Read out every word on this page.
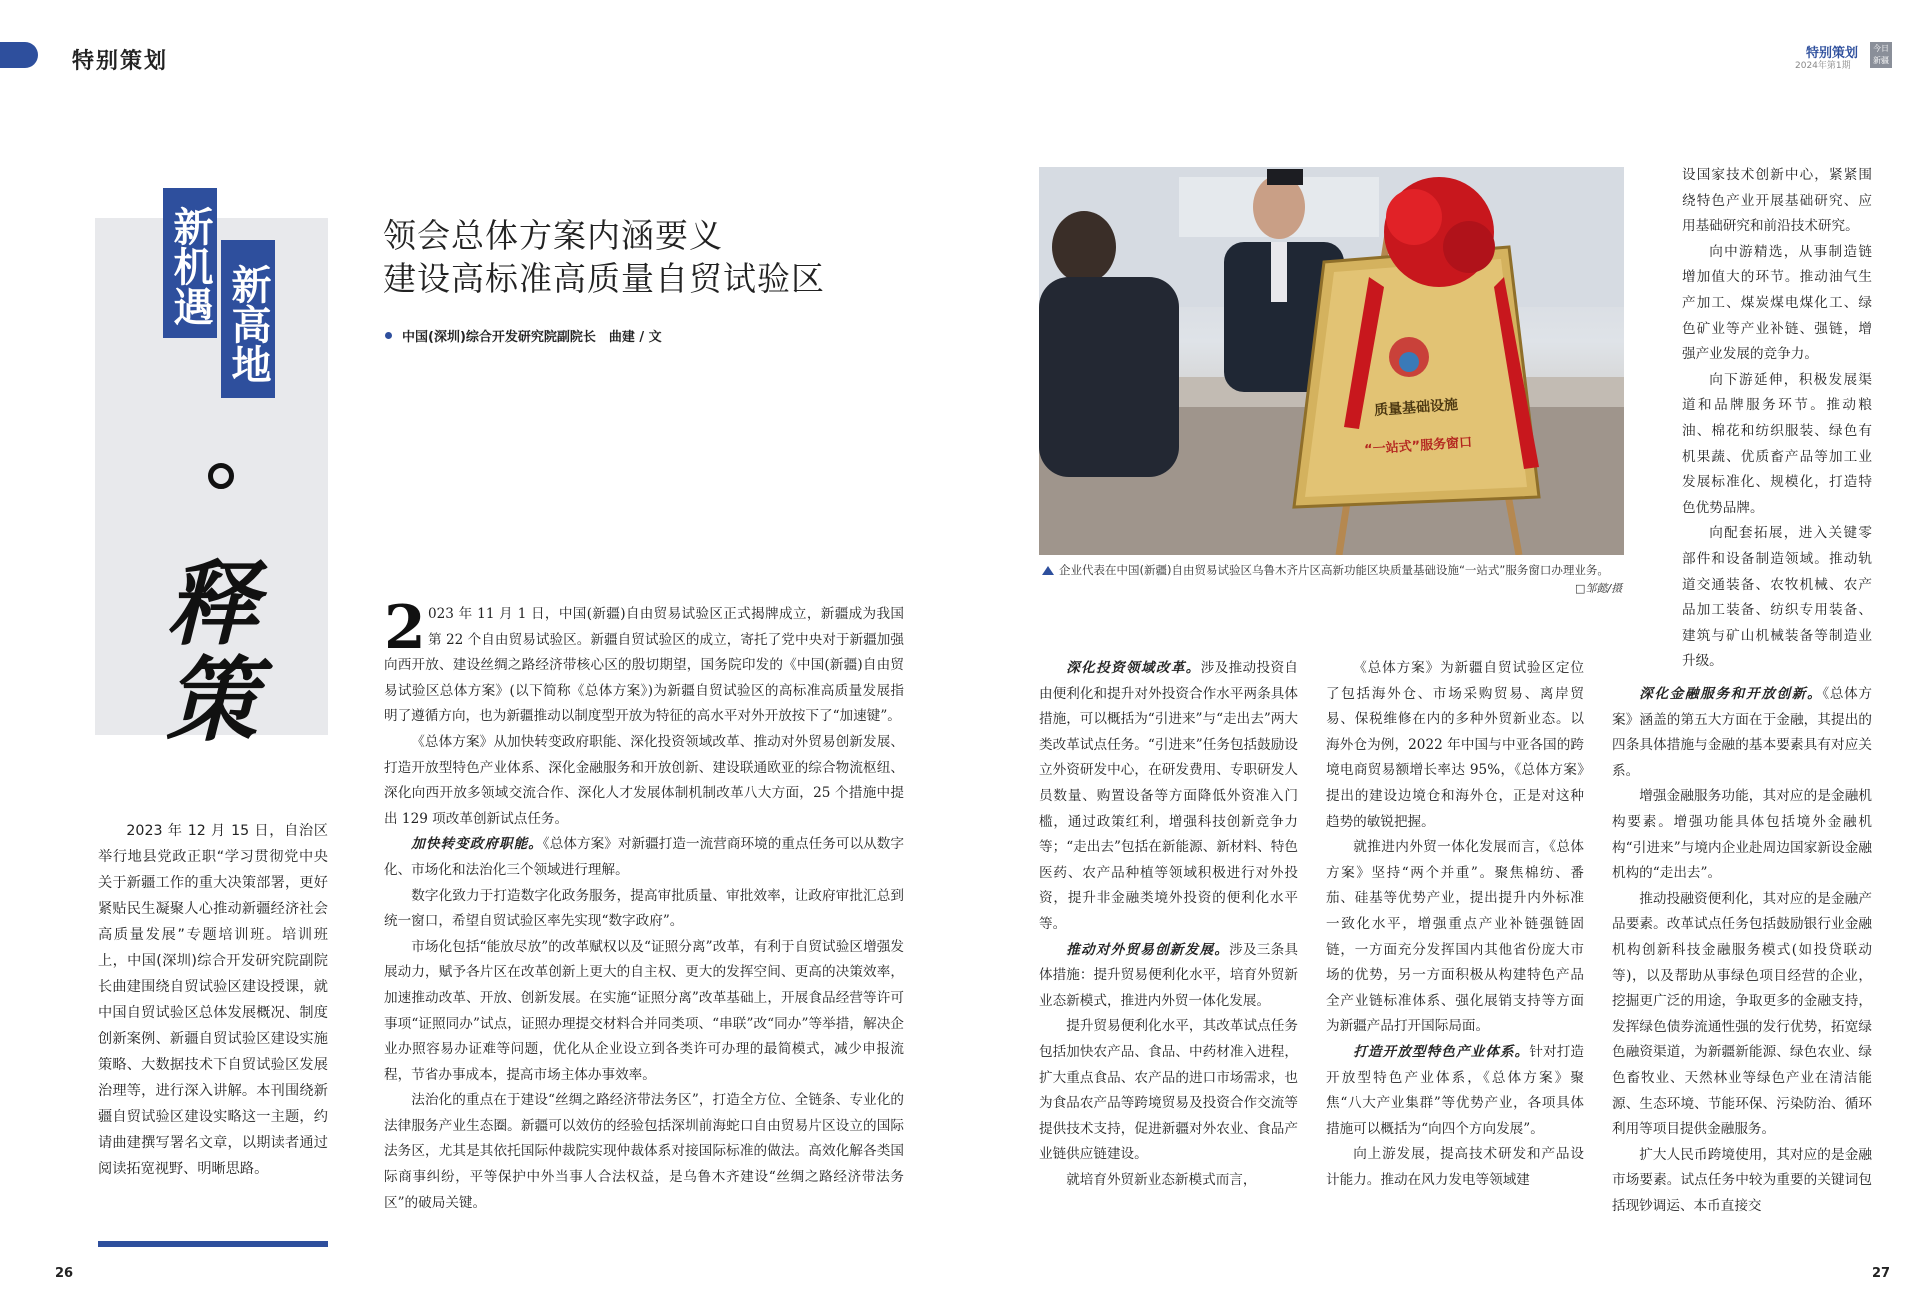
特别策划	特别策划
2024年第1期
今日新疆
新机遇 新高地
释策
2023 年 12 月 15 日，自治区举行地县党政正职“学习贯彻党中央关于新疆工作的重大决策部署，更好紧贴民生凝聚人心推动新疆经济社会高质量发展”专题培训班。培训班上，中国(深圳)综合开发研究院副院长曲建围绕自贸试验区建设授课，就中国自贸试验区总体发展概况、制度创新案例、新疆自贸试验区建设实施策略、大数据技术下自贸试验区发展治理等，进行深入讲解。本刊围绕新疆自贸试验区建设实略这一主题，约请曲建撰写署名文章，以期读者通过阅读拓宽视野、明晰思路。
领会总体方案内涵要义
建设高标准高质量自贸试验区
中国(深圳)综合开发研究院副院长　曲建 / 文
2 023 年 11 月 1 日，中国(新疆)自由贸易试验区正式揭牌成立，新疆成为我国第 22 个自由贸易试验区。新疆自贸试验区的成立，寄托了党中央对于新疆加强向西开放、建设丝绸之路经济带核心区的殷切期望，国务院印发的《中国(新疆)自由贸易试验区总体方案》(以下简称《总体方案》)为新疆自贸试验区的高标准高质量发展指明了遵循方向，也为新疆推动以制度型开放为特征的高水平对外开放按下了“加速键”。

《总体方案》从加快转变政府职能、深化投资领域改革、推动对外贸易创新发展、打造开放型特色产业体系、深化金融服务和开放创新、建设联通欧亚的综合物流枢纽、深化向西开放多领域交流合作、深化人才发展体制机制改革八大方面，25 个措施中提出 129 项改革创新试点任务。

加快转变政府职能。《总体方案》对新疆打造一流营商环境的重点任务可以从数字化、市场化和法治化三个领域进行理解。

数字化致力于打造数字化政务服务，提高审批质量、审批效率，让政府审批汇总到统一窗口，希望自贸试验区率先实现“数字政府”。

市场化包括“能放尽放”的改革赋权以及“证照分离”改革，有利于自贸试验区增强发展动力，赋予各片区在改革创新上更大的自主权、更大的发挥空间、更高的决策效率，加速推动改革、开放、创新发展。在实施“证照分离”改革基础上，开展食品经营等许可事项“证照同办”试点，证照办理提交材料合并同类项、“串联”改“同办”等举措，解决企业办照容易办证难等问题，优化从企业设立到各类许可办理的最简模式，减少申报流程，节省办事成本，提高市场主体办事效率。

法治化的重点在于建设“丝绸之路经济带法务区”，打造全方位、全链条、专业化的法律服务产业生态圈。新疆可以效仿的经验包括深圳前海蛇口自由贸易片区设立的国际法务区，尤其是其依托国际仲裁院实现仲裁体系对接国际标准的做法。高效化解各类国际商事纠纷，平等保护中外当事人合法权益，是乌鲁木齐建设“丝绸之路经济带法务区”的破局关键。

质量基础设施
“一站式”服务窗口
企业代表在中国(新疆)自由贸易试验区乌鲁木齐片区高新功能区块质量基础设施“一站式”服务窗口办理业务。
□邹懿/摄

深化投资领域改革。涉及推动投资自由便利化和提升对外投资合作水平两条具体措施，可以概括为“引进来”与“走出去”两大类改革试点任务。“引进来”任务包括鼓励设立外资研发中心，在研发费用、专职研发人员数量、购置设备等方面降低外资准入门槛，通过政策红利，增强科技创新竞争力等；“走出去”包括在新能源、新材料、特色医药、农产品种植等领域积极进行对外投资，提升非金融类境外投资的便利化水平等。

推动对外贸易创新发展。涉及三条具体措施：提升贸易便利化水平，培育外贸新业态新模式，推进内外贸一体化发展。

提升贸易便利化水平，其改革试点任务包括加快农产品、食品、中药材准入进程，扩大重点食品、农产品的进口市场需求，也为食品农产品等跨境贸易及投资合作交流等提供技术支持，促进新疆对外农业、食品产业链供应链建设。

就培育外贸新业态新模式而言，

《总体方案》为新疆自贸试验区定位了包括海外仓、市场采购贸易、离岸贸易、保税维修在内的多种外贸新业态。以海外仓为例，2022 年中国与中亚各国的跨境电商贸易额增长率达 95%，《总体方案》提出的建设边境仓和海外仓，正是对这种趋势的敏锐把握。

就推进内外贸一体化发展而言，《总体方案》坚持“两个并重”。聚焦棉纺、番茄、硅基等优势产业，提出提升内外标准一致化水平，增强重点产业补链强链固链，一方面充分发挥国内其他省份庞大市场的优势，另一方面积极从构建特色产品全产业链标准体系、强化展销支持等方面为新疆产品打开国际局面。

打造开放型特色产业体系。针对打造开放型特色产业体系，《总体方案》聚焦“八大产业集群”等优势产业，各项具体措施可以概括为“向四个方向发展”。

向上游发展，提高技术研发和产品设计能力。推动在风力发电等领域建

设国家技术创新中心，紧紧围绕特色产业开展基础研究、应用基础研究和前沿技术研究。

向中游精选，从事制造链增加值大的环节。推动油气生产加工、煤炭煤电煤化工、绿色矿业等产业补链、强链，增强产业发展的竞争力。

向下游延伸，积极发展渠道和品牌服务环节。推动粮油、棉花和纺织服装、绿色有机果蔬、优质畜产品等加工业发展标准化、规模化，打造特色优势品牌。

向配套拓展，进入关键零部件和设备制造领域。推动轨道交通装备、农牧机械、农产品加工装备、纺织专用装备、建筑与矿山机械装备等制造业升级。

深化金融服务和开放创新。《总体方案》涵盖的第五大方面在于金融，其提出的四条具体措施与金融的基本要素具有对应关系。

增强金融服务功能，其对应的是金融机构要素。增强功能具体包括境外金融机构“引进来”与境内企业赴周边国家新设金融机构的“走出去”。

推动投融资便利化，其对应的是金融产品要素。改革试点任务包括鼓励银行业金融机构创新科技金融服务模式(如投贷联动等)，以及帮助从事绿色项目经营的企业，挖掘更广泛的用途，争取更多的金融支持，发挥绿色债券流通性强的发行优势，拓宽绿色融资渠道，为新疆新能源、绿色农业、绿色畜牧业、天然林业等绿色产业在清洁能源、生态环境、节能环保、污染防治、循环利用等项目提供金融服务。

扩大人民币跨境使用，其对应的是金融市场要素。试点任务中较为重要的关键词包括现钞调运、本币直接交

26	27
